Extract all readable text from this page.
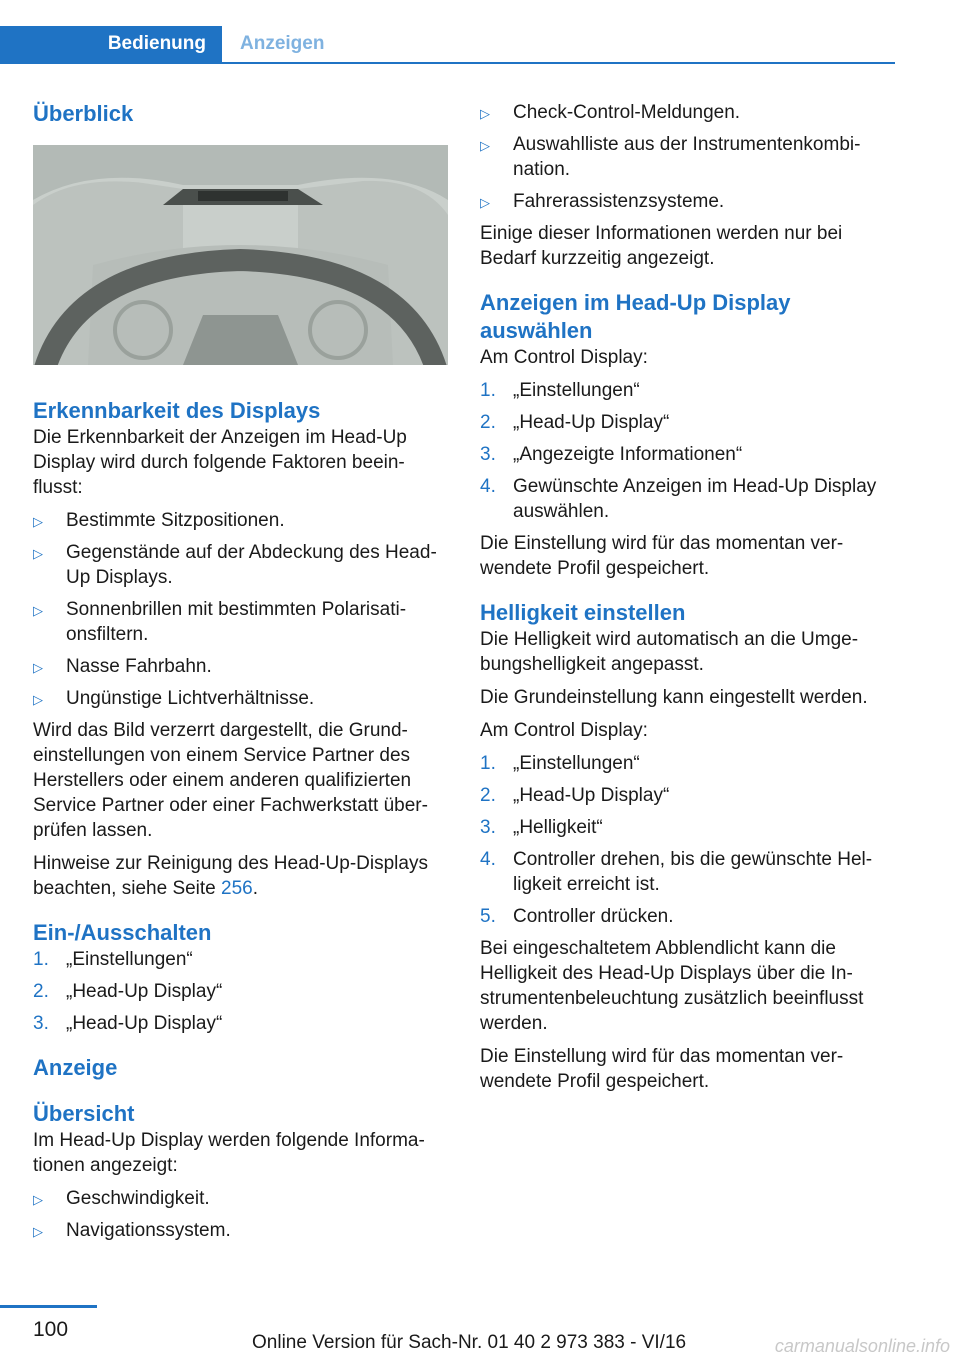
Bedienung Anzeigen
Überblick
Erkennbarkeit des Displays

Die Erkennbarkeit der Anzeigen im Head-Up Display wird durch folgende Faktoren beein‐flusst:

▷ Bestimmte Sitzpositionen.
▷ Gegenstände auf der Abdeckung des Head-Up Displays.
▷ Sonnenbrillen mit bestimmten Polarisati‐onsfiltern.
▷ Nasse Fahrbahn.
▷ Ungünstige Lichtverhältnisse.

Wird das Bild verzerrt dargestellt, die Grund‐einstellungen von einem Service Partner des Herstellers oder einem anderen qualifizierten Service Partner oder einer Fachwerkstatt über‐prüfen lassen.

Hinweise zur Reinigung des Head-Up-Displays beachten, siehe Seite 256.

Ein-/Ausschalten
1. „Einstellungen“
2. „Head-Up Display“
3. „Head-Up Display“
Anzeige
Übersicht

Im Head-Up Display werden folgende Informa‐tionen angezeigt:

▷ Geschwindigkeit.
▷ Navigationssystem.
▷ Check-Control-Meldungen.
▷ Auswahlliste aus der Instrumentenkombi‐nation.
▷ Fahrerassistenzsysteme.

Einige dieser Informationen werden nur bei Bedarf kurzzeitig angezeigt.

Anzeigen im Head-Up Display auswählen

Am Control Display:

1. „Einstellungen“
2. „Head-Up Display“
3. „Angezeigte Informationen“
4. Gewünschte Anzeigen im Head-Up Display auswählen.

Die Einstellung wird für das momentan ver‐wendete Profil gespeichert.

Helligkeit einstellen

Die Helligkeit wird automatisch an die Umge‐bungshelligkeit angepasst.

Die Grundeinstellung kann eingestellt werden.

Am Control Display:

1. „Einstellungen“
2. „Head-Up Display“
3. „Helligkeit“
4. Controller drehen, bis die gewünschte Hel‐ligkeit erreicht ist.
5. Controller drücken.

Bei eingeschaltetem Abblendlicht kann die Helligkeit des Head-Up Displays über die In‐strumentenbeleuchtung zusätzlich beeinflusst werden.

Die Einstellung wird für das momentan ver‐wendete Profil gespeichert.

100
Online Version für Sach-Nr. 01 40 2 973 383 - VI/16	carmanualsonline.info
